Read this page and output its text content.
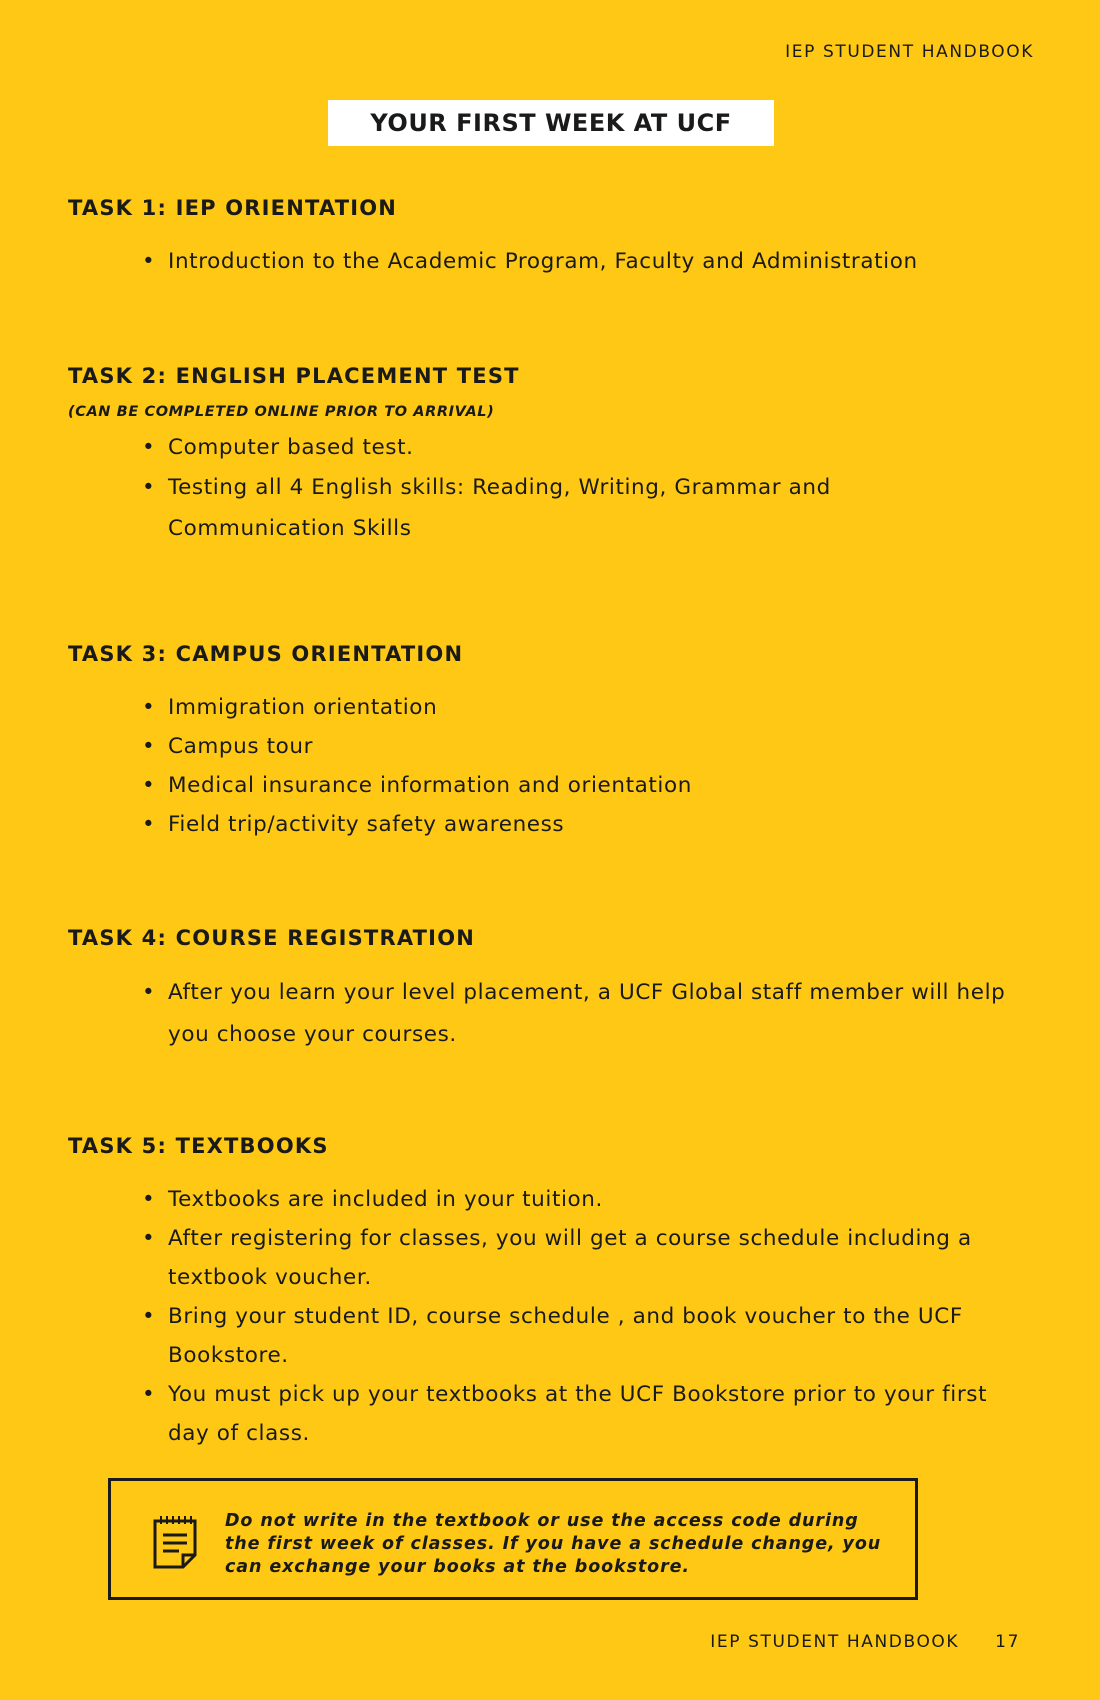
IEP STUDENT HANDBOOK
YOUR FIRST WEEK AT UCF
TASK 1: IEP ORIENTATION
• Introduction to the Academic Program, Faculty and Administration
TASK 2: ENGLISH PLACEMENT TEST

(CAN BE COMPLETED ONLINE PRIOR TO ARRIVAL)

• Computer based test.
• Testing all 4 English skills: Reading, Writing, Grammar and Communication Skills
TASK 3: CAMPUS ORIENTATION
• Immigration orientation
• Campus tour
• Medical insurance information and orientation
• Field trip/activity safety awareness
TASK 4: COURSE REGISTRATION
• After you learn your level placement, a UCF Global staff member will help you choose your courses.
TASK 5: TEXTBOOKS
• Textbooks are included in your tuition.
• After registering for classes, you will get a course schedule including a textbook voucher.
• Bring your student ID, course schedule , and book voucher to the UCF Bookstore.
• You must pick up your textbooks at the UCF Bookstore prior to your first day of class.
Do not write in the textbook or use the access code during the first week of classes. If you have a schedule change, you can exchange your books at the bookstore.
IEP STUDENT HANDBOOK 17
